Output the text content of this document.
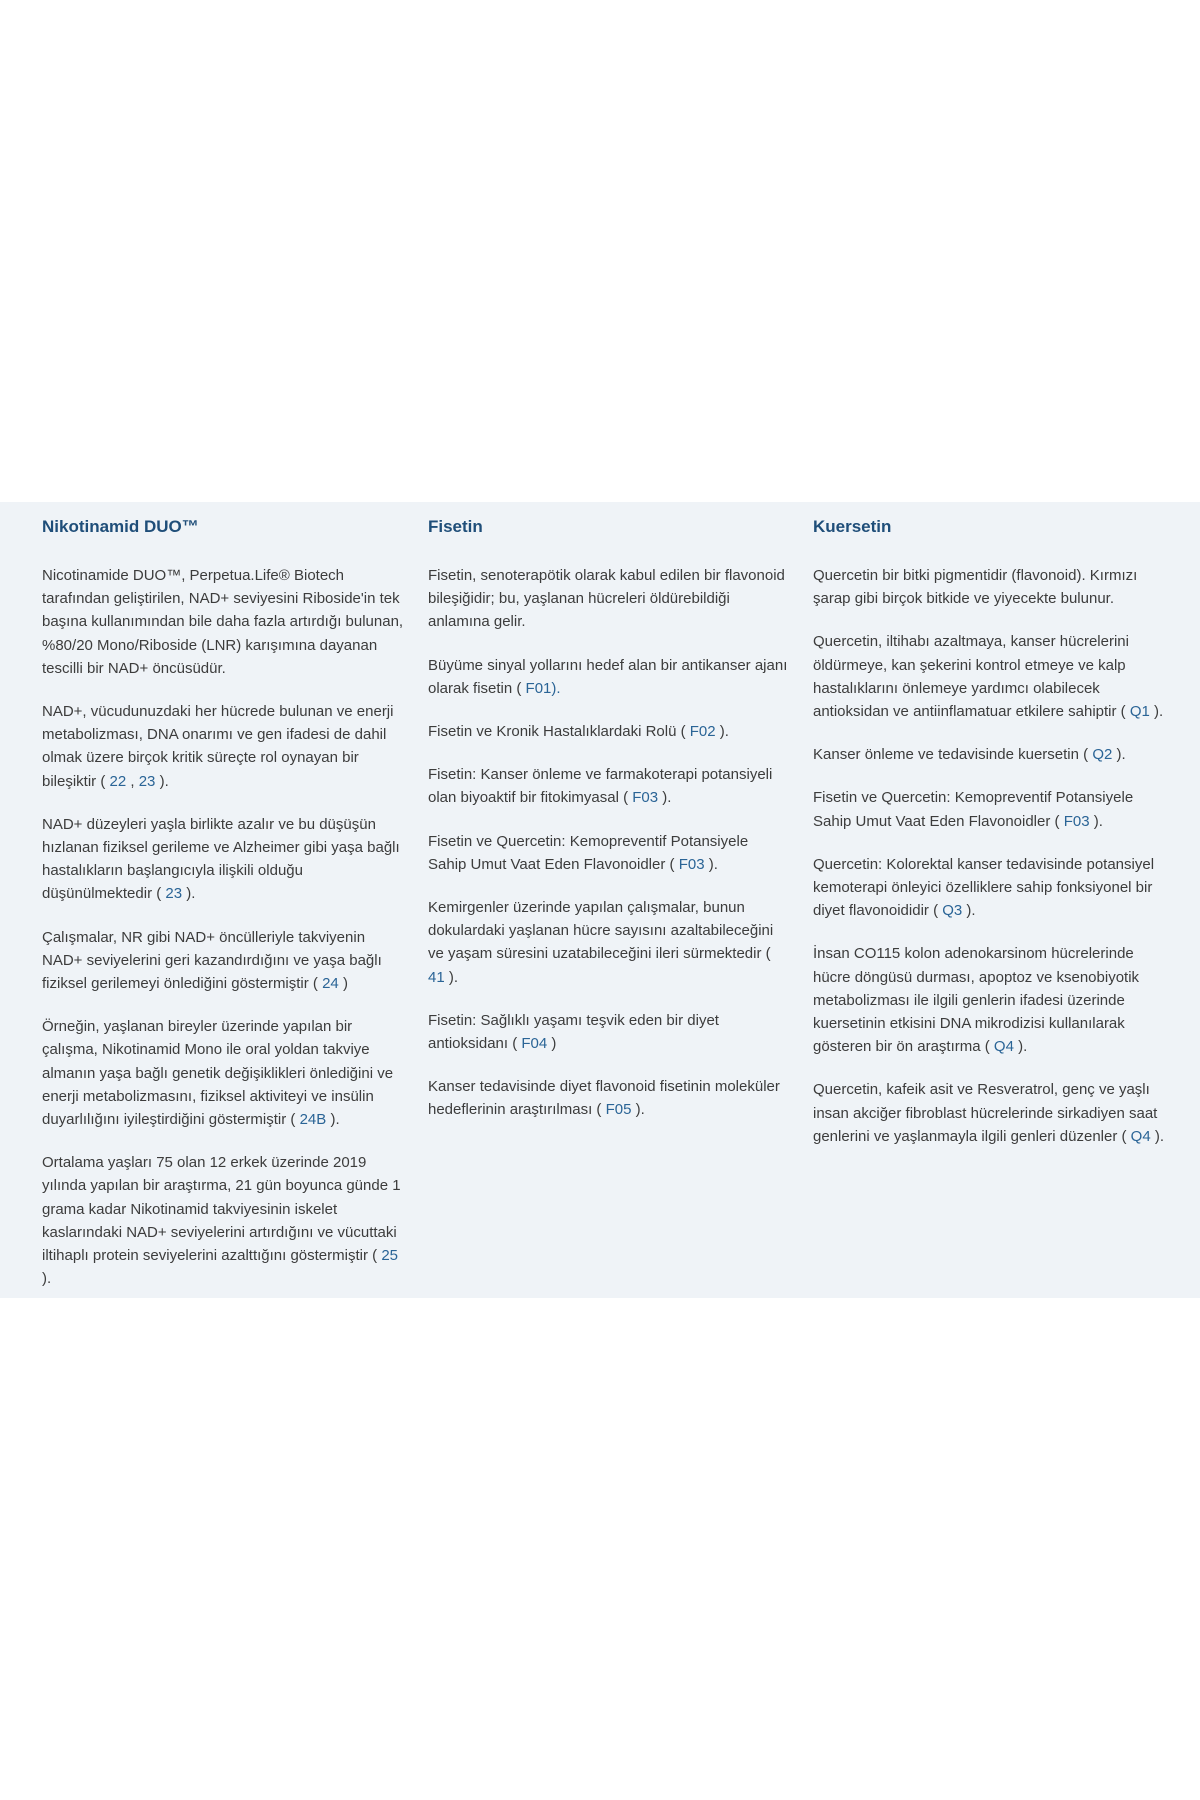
Nikotinamid DUO™

Nicotinamide DUO™, Perpetua.Life® Biotech tarafından geliştirilen, NAD+ seviyesini Riboside'in tek başına kullanımından bile daha fazla artırdığı bulunan, %80/20 Mono/Riboside (LNR) karışımına dayanan tescilli bir NAD+ öncüsüdür.

NAD+, vücudunuzdaki her hücrede bulunan ve enerji metabolizması, DNA onarımı ve gen ifadesi de dahil olmak üzere birçok kritik süreçte rol oynayan bir bileşiktir ( 22 , 23 ).

NAD+ düzeyleri yaşla birlikte azalır ve bu düşüşün hızlanan fiziksel gerileme ve Alzheimer gibi yaşa bağlı hastalıkların başlangıcıyla ilişkili olduğu düşünülmektedir ( 23 ).

Çalışmalar, NR gibi NAD+ öncülleriyle takviyenin NAD+ seviyelerini geri kazandırdığını ve yaşa bağlı fiziksel gerilemeyi önlediğini göstermiştir ( 24 )

Örneğin, yaşlanan bireyler üzerinde yapılan bir çalışma, Nikotinamid Mono ile oral yoldan takviye almanın yaşa bağlı genetik değişiklikleri önlediğini ve enerji metabolizmasını, fiziksel aktiviteyi ve insülin duyarlılığını iyileştirdiğini göstermiştir ( 24B ).

Ortalama yaşları 75 olan 12 erkek üzerinde 2019 yılında yapılan bir araştırma, 21 gün boyunca günde 1 grama kadar Nikotinamid takviyesinin iskelet kaslarındaki NAD+ seviyelerini artırdığını ve vücuttaki iltihaplı protein seviyelerini azalttığını göstermiştir ( 25 ).

Fisetin

Fisetin, senoterapötik olarak kabul edilen bir flavonoid bileşiğidir; bu, yaşlanan hücreleri öldürebildiği anlamına gelir.

Büyüme sinyal yollarını hedef alan bir antikanser ajanı olarak fisetin ( F01).

Fisetin ve Kronik Hastalıklardaki Rolü ( F02 ).

Fisetin: Kanser önleme ve farmakoterapi potansiyeli olan biyoaktif bir fitokimyasal ( F03 ).

Fisetin ve Quercetin: Kemopreventif Potansiyele Sahip Umut Vaat Eden Flavonoidler ( F03 ).

Kemirgenler üzerinde yapılan çalışmalar, bunun dokulardaki yaşlanan hücre sayısını azaltabileceğini ve yaşam süresini uzatabileceğini ileri sürmektedir ( 41 ).

Fisetin: Sağlıklı yaşamı teşvik eden bir diyet antioksidanı ( F04 )

Kanser tedavisinde diyet flavonoid fisetinin moleküler hedeflerinin araştırılması ( F05 ).

Kuersetin

Quercetin bir bitki pigmentidir (flavonoid). Kırmızı şarap gibi birçok bitkide ve yiyecekte bulunur.

Quercetin, iltihabı azaltmaya, kanser hücrelerini öldürmeye, kan şekerini kontrol etmeye ve kalp hastalıklarını önlemeye yardımcı olabilecek antioksidan ve antiinflamatuar etkilere sahiptir ( Q1 ).

Kanser önleme ve tedavisinde kuersetin ( Q2 ).

Fisetin ve Quercetin: Kemopreventif Potansiyele Sahip Umut Vaat Eden Flavonoidler ( F03 ).

Quercetin: Kolorektal kanser tedavisinde potansiyel kemoterapi önleyici özelliklere sahip fonksiyonel bir diyet flavonoididir ( Q3 ).

İnsan CO115 kolon adenokarsinom hücrelerinde hücre döngüsü durması, apoptoz ve ksenobiyotik metabolizması ile ilgili genlerin ifadesi üzerinde kuersetinin etkisini DNA mikrodizisi kullanılarak gösteren bir ön araştırma ( Q4 ).

Quercetin, kafeik asit ve Resveratrol, genç ve yaşlı insan akciğer fibroblast hücrelerinde sirkadiyen saat genlerini ve yaşlanmayla ilgili genleri düzenler ( Q4 ).
